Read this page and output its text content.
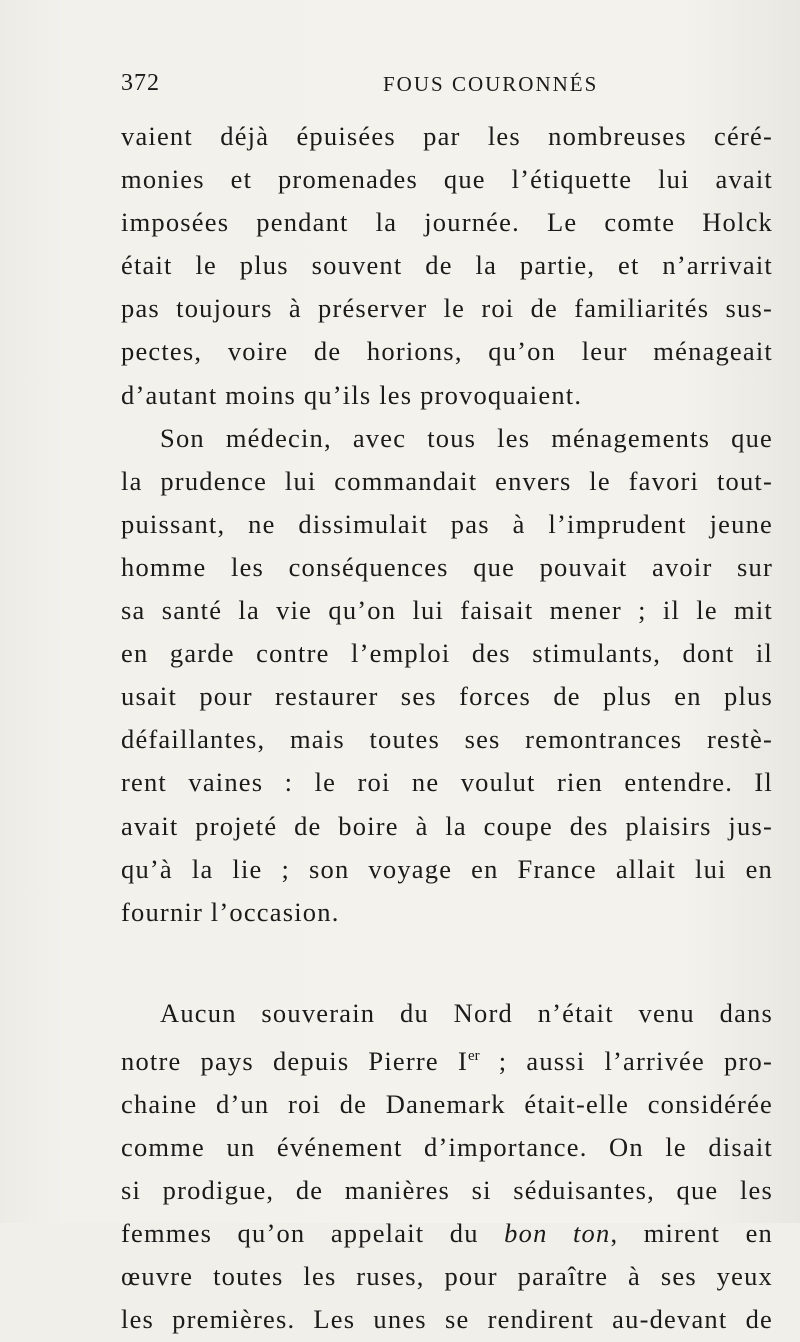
372	FOUS COURONNÉS

vaient déjà épuisées par les nombreuses céré-
monies et promenades que l’étiquette lui avait
imposées pendant la journée. Le comte Holck
était le plus souvent de la partie, et n’arrivait
pas toujours à préserver le roi de familiarités sus-
pectes, voire de horions, qu’on leur ménageait
d’autant moins qu’ils les provoquaient.

Son médecin, avec tous les ménagements que
la prudence lui commandait envers le favori tout-
puissant, ne dissimulait pas à l’imprudent jeune
homme les conséquences que pouvait avoir sur
sa santé la vie qu’on lui faisait mener ; il le mit
en garde contre l’emploi des stimulants, dont il
usait pour restaurer ses forces de plus en plus
défaillantes, mais toutes ses remontrances restè-
rent vaines : le roi ne voulut rien entendre. Il
avait projeté de boire à la coupe des plaisirs jus-
qu’à la lie ; son voyage en France allait lui en
fournir l’occasion.

Aucun souverain du Nord n’était venu dans
notre pays depuis Pierre Ier ; aussi l’arrivée pro-
chaine d’un roi de Danemark était-elle considérée
comme un événement d’importance. On le disait
si prodigue, de manières si séduisantes, que les
femmes qu’on appelait du bon ton, mirent en
œuvre toutes les ruses, pour paraître à ses yeux
les premières. Les unes se rendirent au-devant de
